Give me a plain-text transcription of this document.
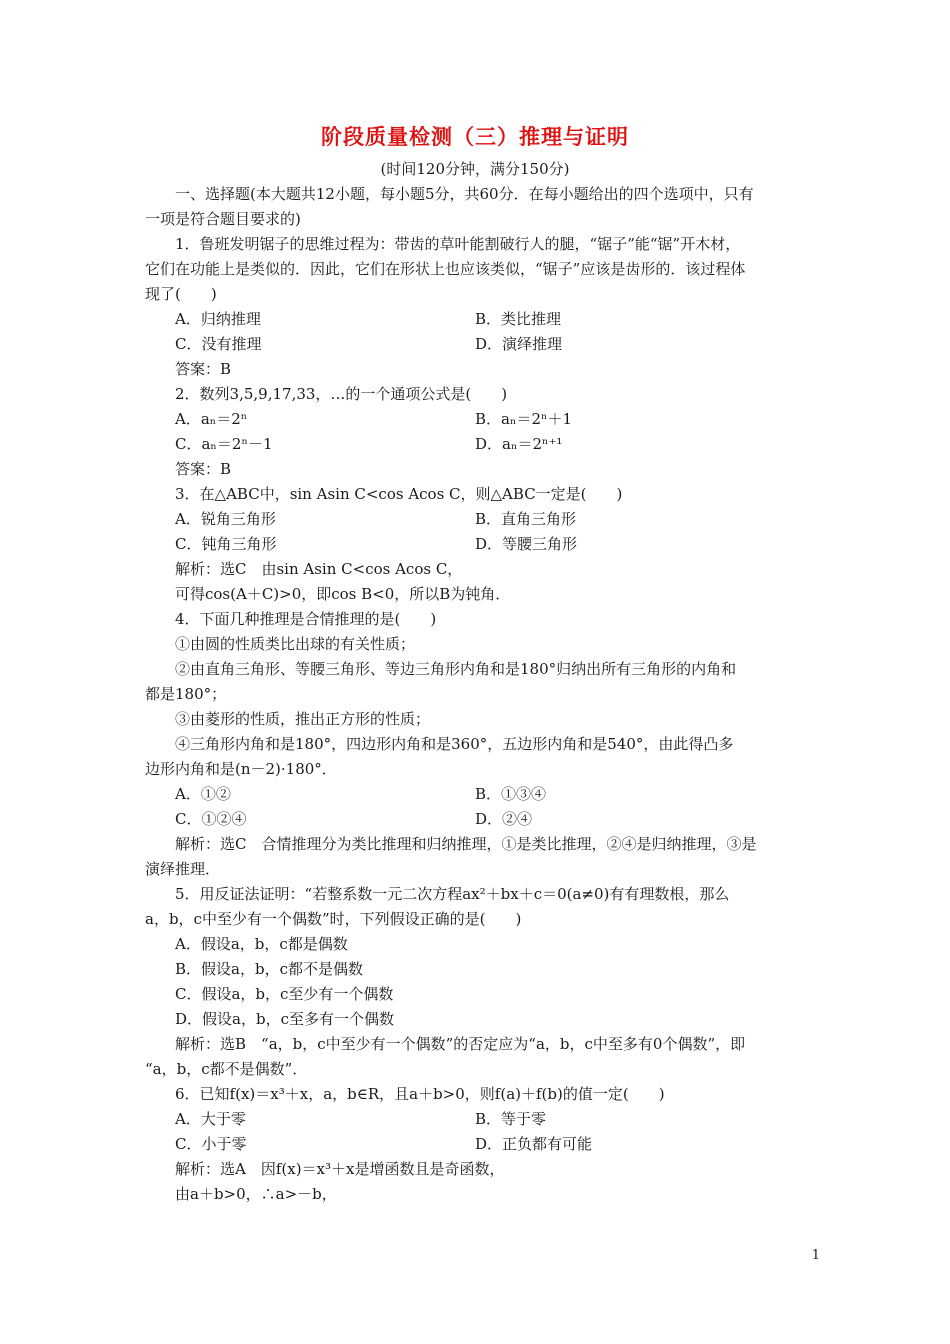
阶段质量检测（三）推理与证明
(时间120分钟，满分150分)
一、选择题(本大题共12小题，每小题5分，共60分．在每小题给出的四个选项中，只有
一项是符合题目要求的)
1．鲁班发明锯子的思维过程为：带齿的草叶能割破行人的腿，“锯子”能“锯”开木材，
它们在功能上是类似的．因此，它们在形状上也应该类似，“锯子”应该是齿形的．该过程体
现了(　　)
A．归纳推理	B．类比推理
C．没有推理	D．演绎推理
答案：B
2．数列3,5,9,17,33，…的一个通项公式是(　　)
A．aₙ＝2ⁿ	B．aₙ＝2ⁿ＋1
C．aₙ＝2ⁿ－1	D．aₙ＝2ⁿ⁺¹
答案：B
3．在△ABC中，sin Asin C<cos Acos C，则△ABC一定是(　　)
A．锐角三角形	B．直角三角形
C．钝角三角形	D．等腰三角形
解析：选C　由sin Asin C<cos Acos C，
可得cos(A＋C)>0，即cos B<0，所以B为钝角．
4．下面几种推理是合情推理的是(　　)
①由圆的性质类比出球的有关性质；
②由直角三角形、等腰三角形、等边三角形内角和是180°归纳出所有三角形的内角和
都是180°；
③由菱形的性质，推出正方形的性质；
④三角形内角和是180°，四边形内角和是360°，五边形内角和是540°，由此得凸多
边形内角和是(n－2)·180°．
A．①②	B．①③④
C．①②④	D．②④
解析：选C　合情推理分为类比推理和归纳推理，①是类比推理，②④是归纳推理，③是
演绎推理．
5．用反证法证明：“若整系数一元二次方程ax²＋bx＋c＝0(a≠0)有有理数根，那么
a，b，c中至少有一个偶数”时，下列假设正确的是(　　)
A．假设a，b，c都是偶数
B．假设a，b，c都不是偶数
C．假设a，b，c至少有一个偶数
D．假设a，b，c至多有一个偶数
解析：选B　“a，b，c中至少有一个偶数”的否定应为“a，b，c中至多有0个偶数”，即
“a，b，c都不是偶数”．
6．已知f(x)＝x³＋x，a，b∈R，且a＋b>0，则f(a)＋f(b)的值一定(　　)
A．大于零	B．等于零
C．小于零	D．正负都有可能
解析：选A　因f(x)＝x³＋x是增函数且是奇函数，
由a＋b>0，∴a>－b，
1
